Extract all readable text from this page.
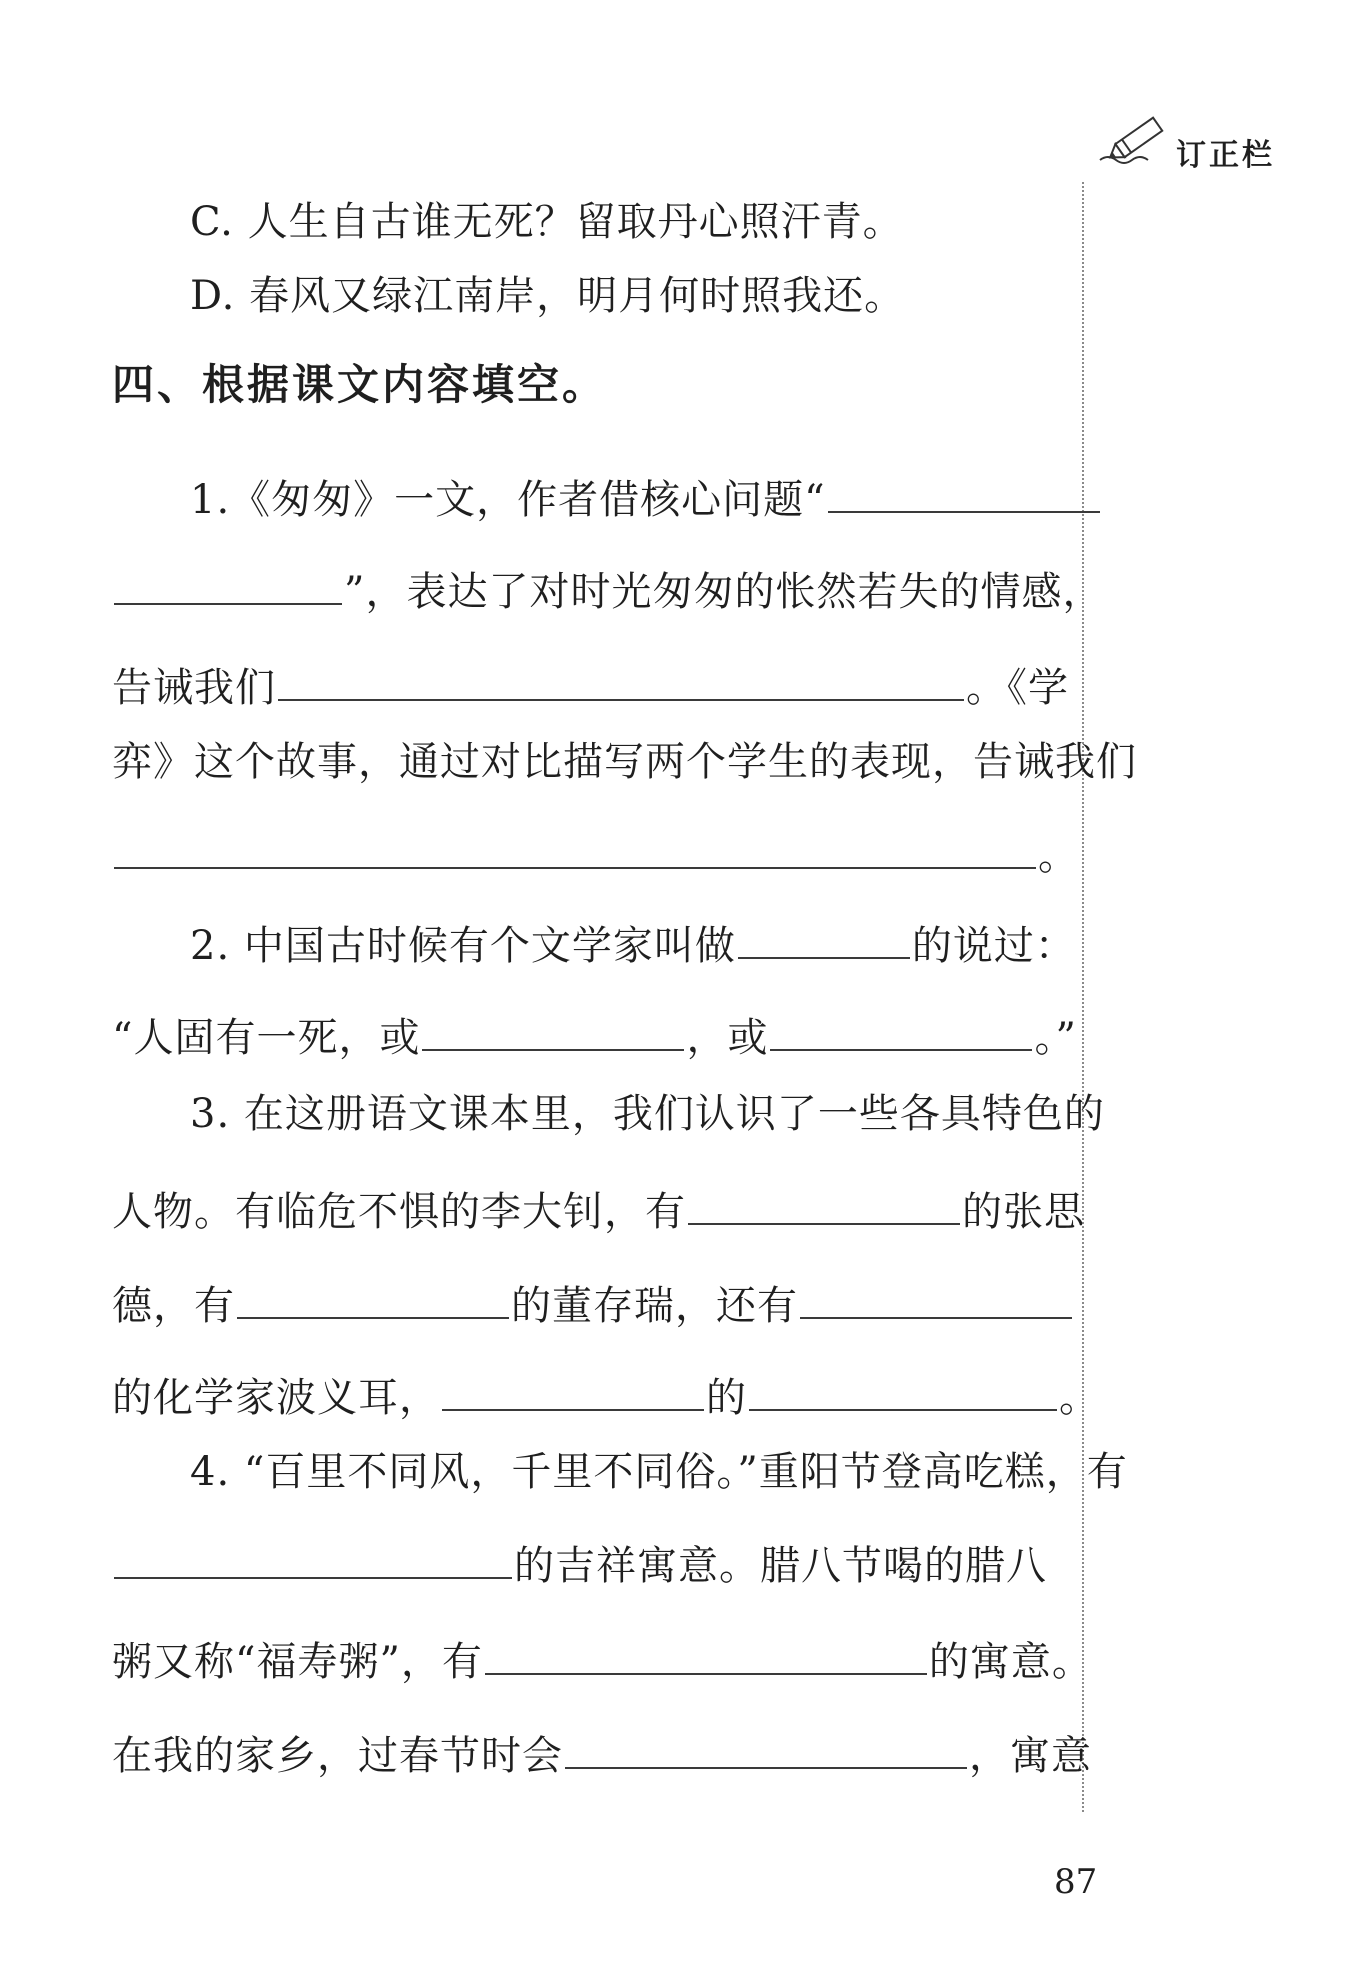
订正栏
C. 人生自古谁无死？留取丹心照汗青。
D. 春风又绿江南岸，明月何时照我还。
四、根据课文内容填空。
1.《匆匆》一文，作者借核心问题“
”，表达了对时光匆匆的怅然若失的情感，
告诫我们	。《学
弈》这个故事，通过对比描写两个学生的表现，告诫我们
。
2. 中国古时候有个文学家叫做	的说过：
“人固有一死，或	，或	。”
3. 在这册语文课本里，我们认识了一些各具特色的
人物。有临危不惧的李大钊，有	的张思
德，有	的董存瑞，还有
的化学家波义耳，	的	。
4. “百里不同风，千里不同俗。”重阳节登高吃糕，有
的吉祥寓意。腊八节喝的腊八
粥又称“福寿粥”，有	的寓意。
在我的家乡，过春节时会	，寓意
87
